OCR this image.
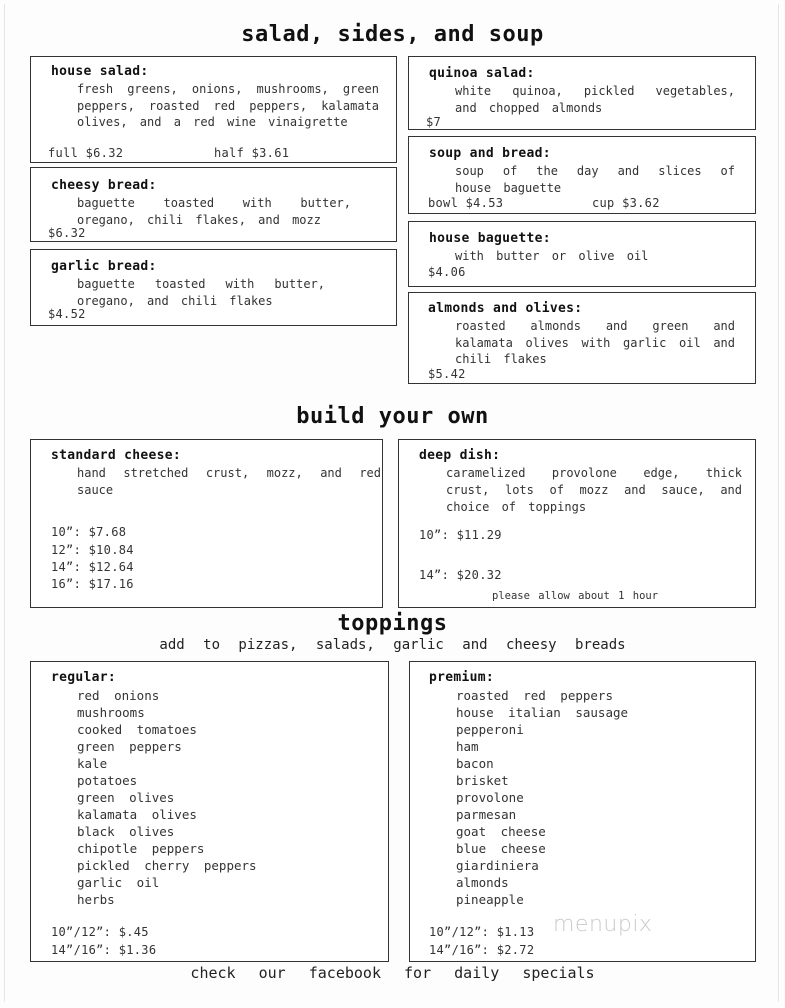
salad, sides, and soup
house salad:
fresh greens, onions, mushrooms, green peppers, roasted red peppers, kalamata olives, and a red wine vinaigrette
full $6.32	half $3.61
cheesy bread:
baguette toasted with butter, oregano, chili flakes, and mozz
$6.32
garlic bread:
baguette toasted with butter, oregano, and chili flakes
$4.52
quinoa salad:
white quinoa, pickled vegetables, and chopped almonds
$7
soup and bread:
soup of the day and slices of house baguette
bowl $4.53	cup $3.62
house baguette:
with butter or olive oil
$4.06
almonds and olives:
roasted almonds and green and kalamata olives with garlic oil and chili flakes
$5.42
build your own
standard cheese:
hand stretched crust, mozz, and red sauce
10”: $7.68
12”: $10.84
14”: $12.64
16”: $17.16
deep dish:
caramelized provolone edge, thick crust, lots of mozz and sauce, and choice of toppings
10”: $11.29
14”: $20.32
please allow about 1 hour
toppings
add to pizzas, salads, garlic and cheesy breads
regular:
red onions
mushrooms
cooked tomatoes
green peppers
kale
potatoes
green olives
kalamata olives
black olives
chipotle peppers
pickled cherry peppers
garlic oil
herbs
10”/12”: $.45
14”/16”: $1.36
premium:
roasted red peppers
house italian sausage
pepperoni
ham
bacon
brisket
provolone
parmesan
goat cheese
blue cheese
giardiniera
almonds
pineapple
10”/12”: $1.13
14”/16”: $2.72
menupix
check our facebook for daily specials
